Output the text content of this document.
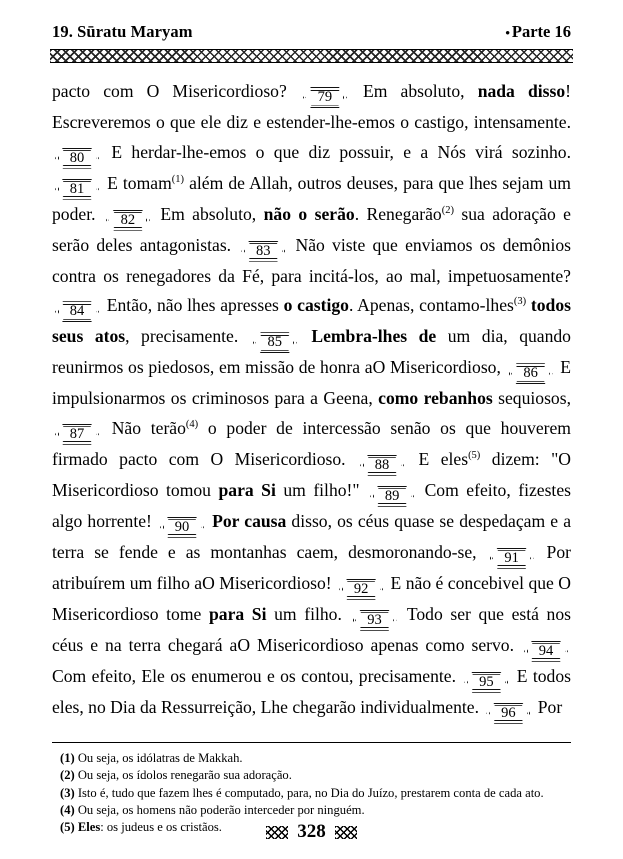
19. Sūratu Maryam	• Parte 16
pacto com O Misericordioso?
79 Em absoluto, nada disso! Escreveremos o que ele diz e estender-lhe-emos o castigo, intensamente.
80 E herdar-lhe-emos o que diz possuir, e a Nós virá sozinho.
81 E tomam$^{(1)}$ além de Allah, outros deuses, para que lhes sejam um poder.
82 Em absoluto, não o serão. Renegarão$^{(2)}$ sua adoração e serão deles antagonistas.
83 Não viste que enviamos os demônios contra os renegadores da Fé, para incitá-los, ao mal, impetuosamente?
84 Então, não lhes apresses o castigo. Apenas, contamo-lhes$^{(3)}$ todos seus atos, precisamente.
85 Lembra-lhes de um dia, quando reunirmos os piedosos, em missão de honra aO Misericordioso,
86 E impulsionarmos os criminosos para a Geena, como rebanhos sequiosos,
87 Não terão$^{(4)}$ o poder de intercessão senão os que houverem firmado pacto com O Misericordioso.
88 E eles$^{(5)}$ dizem: "O Misericordioso tomou para Si um filho!"
89 Com efeito, fizestes algo horrente!
90 Por causa disso, os céus quase se despedaçam e a terra se fende e as montanhas caem, desmoronando-se,
91 Por atribuírem um filho aO Misericordioso!
92 E não é concebivel que O Misericordioso tome para Si um filho.
93 Todo ser que está nos céus e na terra chegará aO Misericordioso apenas como servo.
94 Com efeito, Ele os enumerou e os contou, precisamente.
95 E todos eles, no Dia da Ressurreição, Lhe chegarão individualmente.
96 Por
(1) Ou seja, os idólatras de Makkah.
(2) Ou seja, os ídolos renegarão sua adoração.
(3) Isto é, tudo que fazem lhes é computado, para, no Dia do Juízo, prestarem conta de cada ato.
(4) Ou seja, os homens não poderão interceder por ninguém.
(5) Eles: os judeus e os cristãos.	328
